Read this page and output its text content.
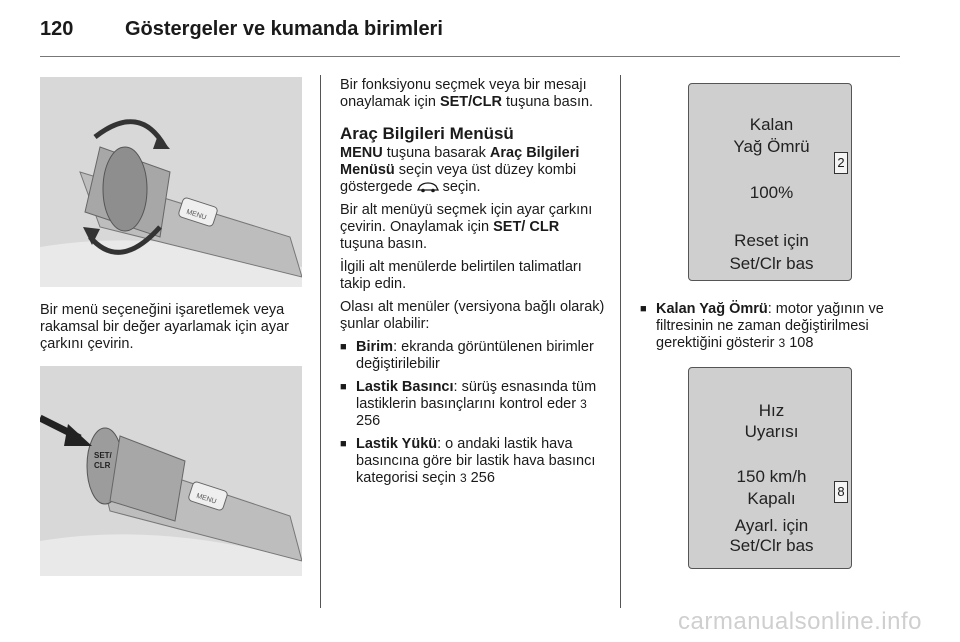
120	Göstergeler ve kumanda birimleri
MENU
Bir menü seçeneğini işaretlemek veya rakamsal bir değer ayarlamak için ayar çarkını çevirin.
SET/
CLR
MENU

Bir fonksiyonu seçmek veya bir mesajı onaylamak için SET/CLR tuşuna basın.

Araç Bilgileri Menüsü

MENU tuşuna basarak Araç Bilgileri Menüsü seçin veya üst düzey kombi göstergede  seçin.

Bir alt menüyü seçmek için ayar çarkını çevirin. Onaylamak için SET/ CLR tuşuna basın.

İlgili alt menülerde belirtilen talimatları takip edin.

Olası alt menüler (versiyona bağlı olarak) şunlar olabilir:

■ Birim: ekranda görüntülenen birimler değiştirilebilir
■ Lastik Basıncı: sürüş esnasında tüm lastiklerin basınçlarını kontrol eder 3 256
■ Lastik Yükü: o andaki lastik hava basıncına göre bir lastik hava basıncı kategorisi seçin 3 256
Kalan
Yağ Ömrü
100%
Reset için
Set/Clr bas
2
■ Kalan Yağ Ömrü: motor yağının ve filtresinin ne zaman değiştirilmesi gerektiğini gösterir 3 108
Hız
Uyarısı
150 km/h
Kapalı
Ayarl. için
Set/Clr bas
8
carmanualsonline.info
